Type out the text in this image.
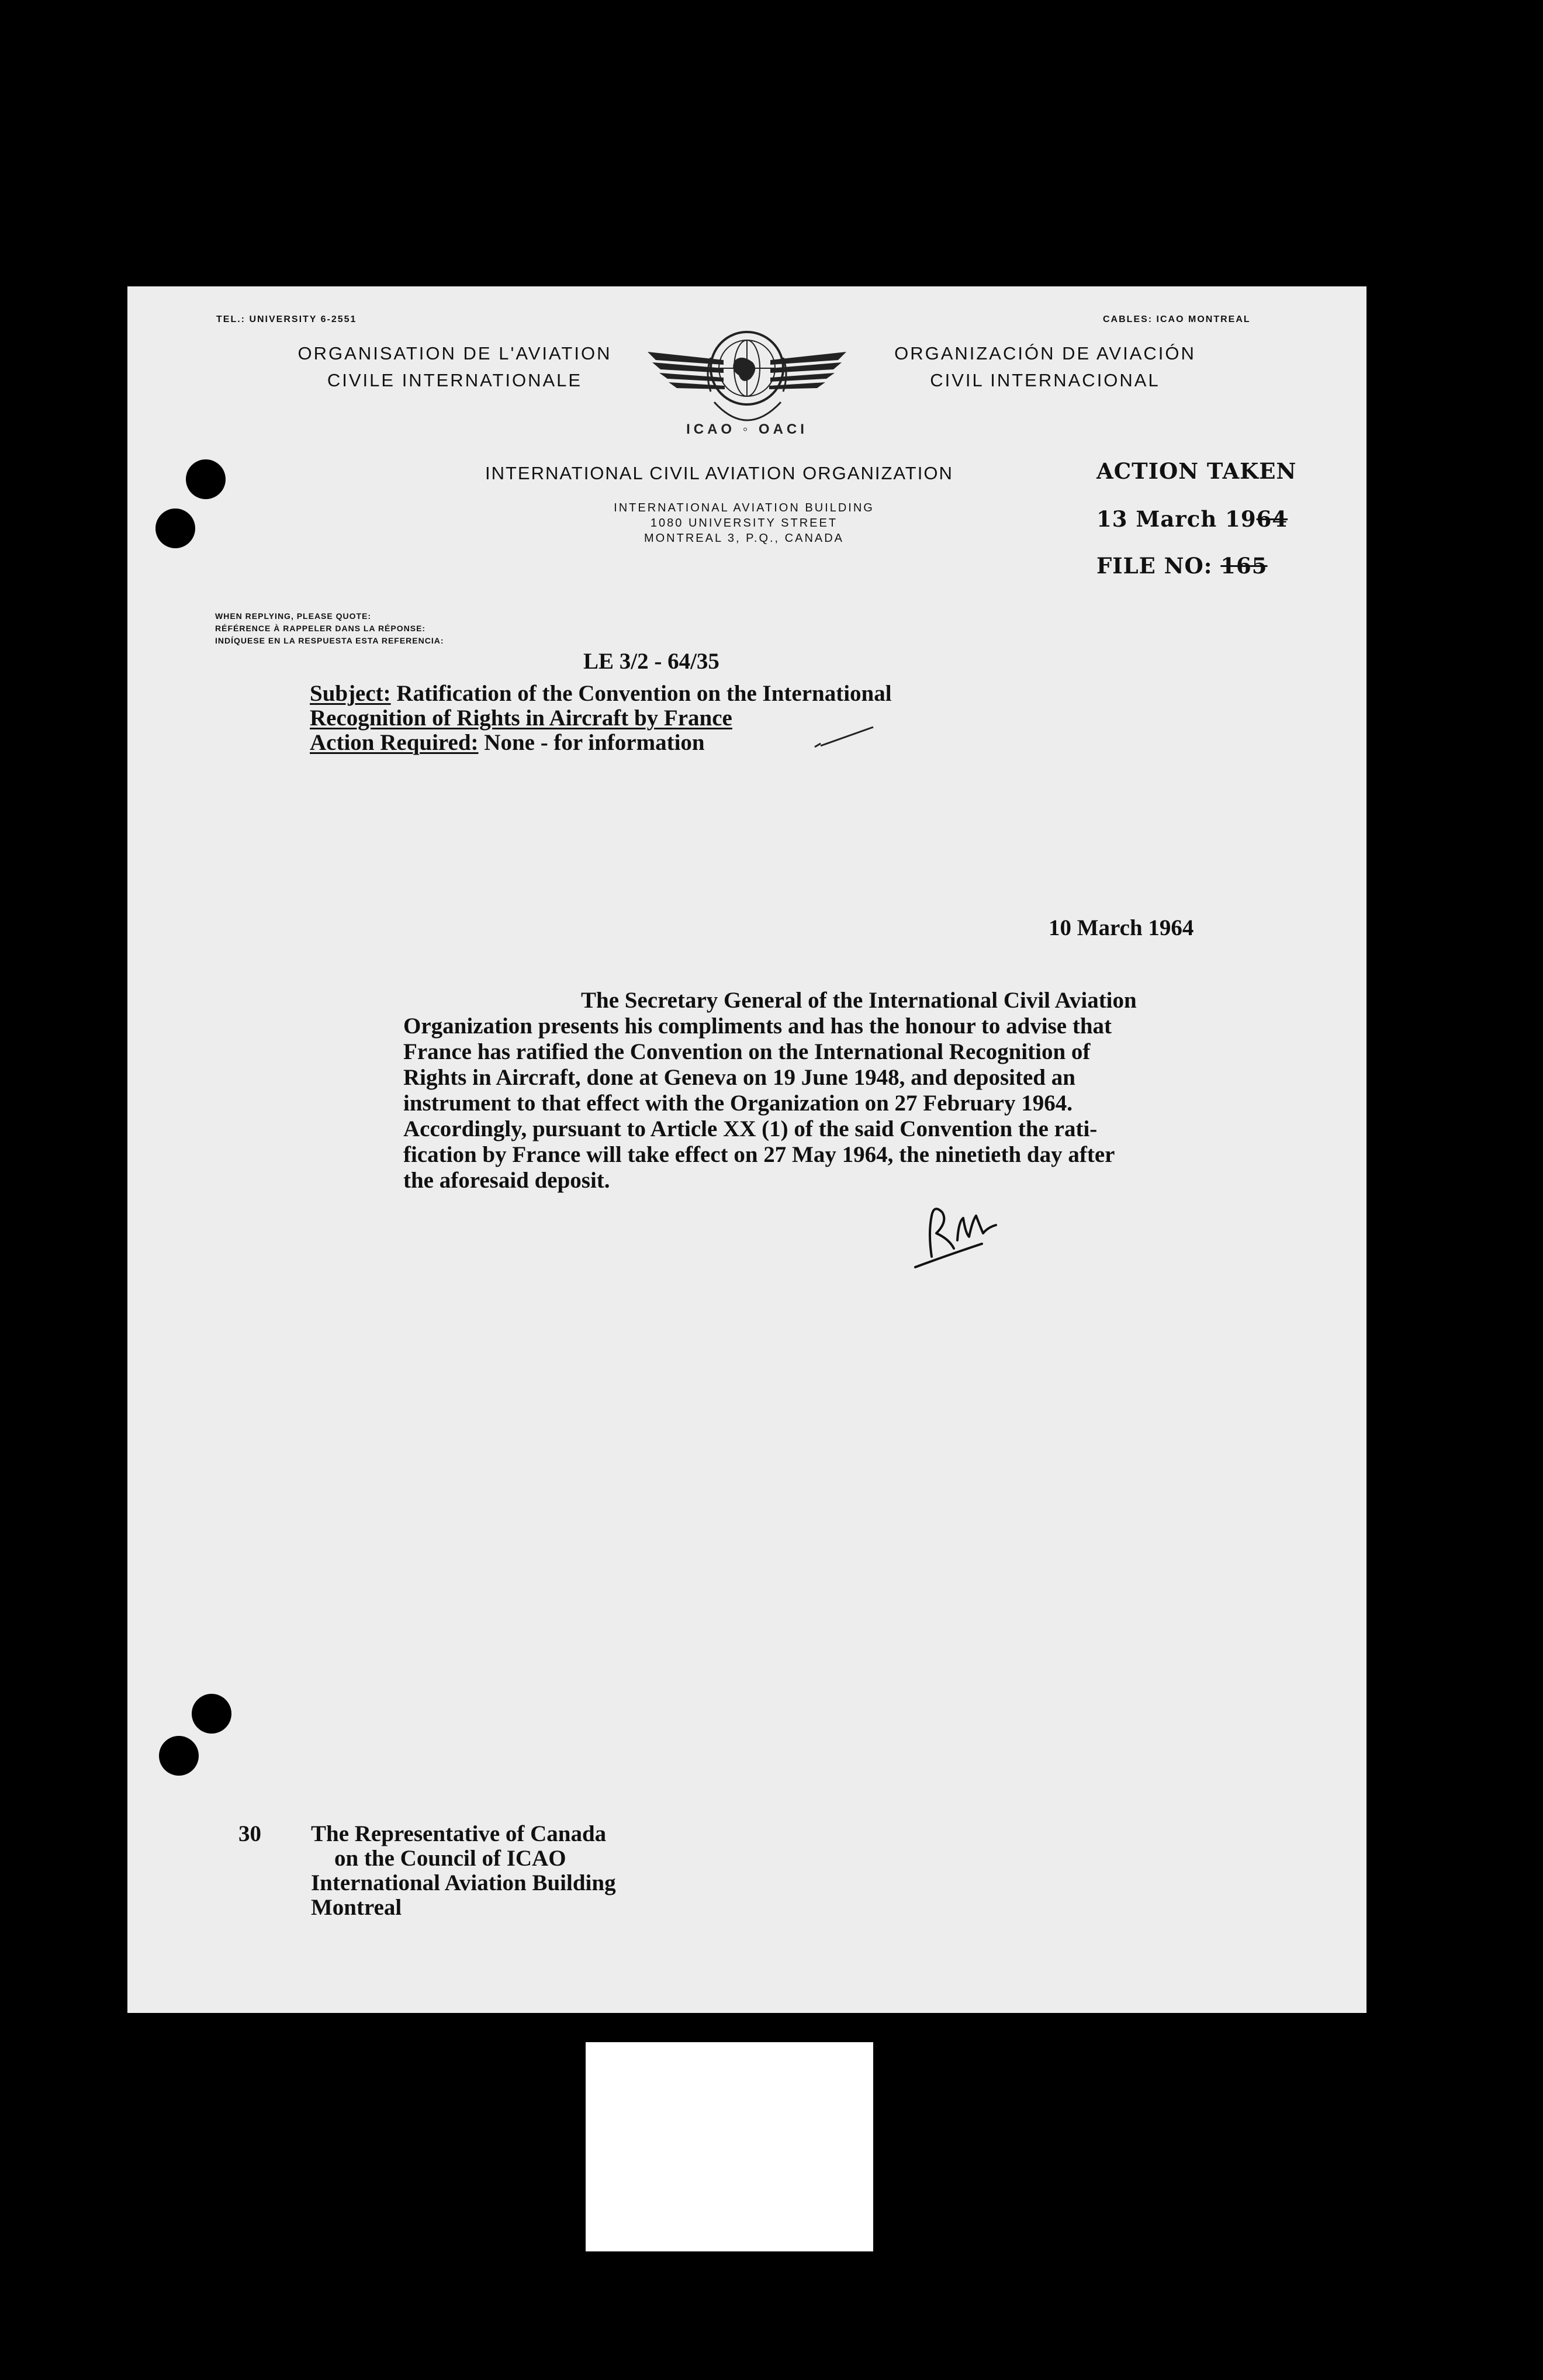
TEL.: UNIVERSITY 6-2551	CABLES: ICAO MONTREAL
ORGANISATION DE L'AVIATION
CIVILE INTERNATIONALE
ORGANIZACIÓN DE AVIACIÓN
CIVIL INTERNACIONAL
ICAO ◦ OACI
INTERNATIONAL CIVIL AVIATION ORGANIZATION
INTERNATIONAL AVIATION BUILDING
1080 UNIVERSITY STREET
MONTREAL 3, P.Q., CANADA
ACTION TAKEN
13 March 1964
FILE NO: 165
WHEN REPLYING, PLEASE QUOTE:
RÉFÉRENCE À RAPPELER DANS LA RÉPONSE:
INDÍQUESE EN LA RESPUESTA ESTA REFERENCIA:
LE 3/2 - 64/35
Subject: Ratification of the Convention on the International
Recognition of Rights in Aircraft by France
Action Required: None - for information
10 March 1964
The Secretary General of the International Civil Aviation
Organization presents his compliments and has the honour to advise that
France has ratified the Convention on the International Recognition of
Rights in Aircraft, done at Geneva on 19 June 1948, and deposited an
instrument to that effect with the Organization on 27 February 1964.
Accordingly, pursuant to Article XX (1) of the said Convention the rati-
fication by France will take effect on 27 May 1964, the ninetieth day after
the aforesaid deposit.
30 The Representative of Canada
on the Council of ICAO
International Aviation Building
Montreal
